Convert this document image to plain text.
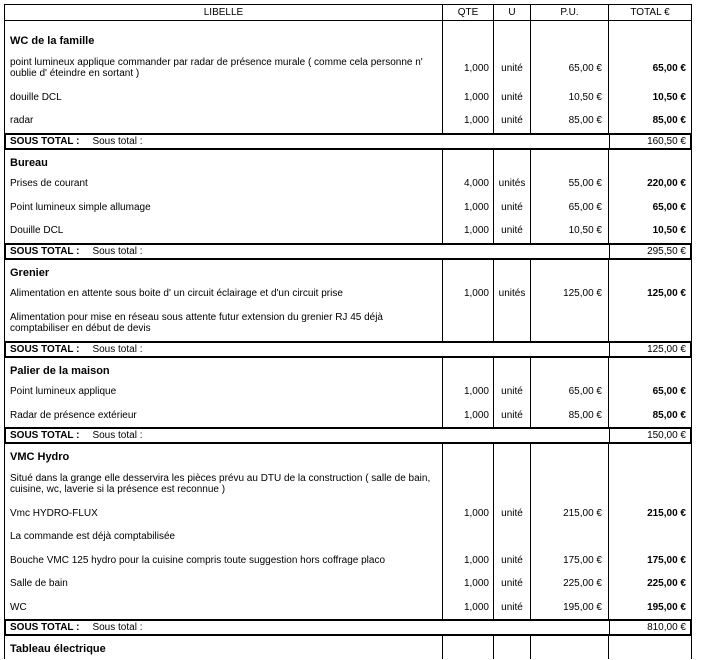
LIBELLE	QTE	U	P.U.	TOTAL €
WC de la famille
point lumineux applique commander par radar de présence murale ( comme cela personne n' oublie d' éteindre en sortant )	1,000	unité	65,00 €	65,00 €
douille DCL	1,000	unité	10,50 €	10,50 €
radar	1,000	unité	85,00 €	85,00 €
SOUS TOTAL : Sous total :	160,50 €
Bureau
Prises de courant	4,000 unités	55,00 €	220,00 €
Point lumineux simple allumage	1,000	unité	65,00 €	65,00 €
Douille DCL	1,000	unité	10,50 €	10,50 €
SOUS TOTAL : Sous total :	295,50 €
Grenier
Alimentation en attente sous boite d' un circuit éclairage et d'un circuit prise	1,000 unités	125,00 €	125,00 €
Alimentation pour mise en réseau sous attente futur extension du grenier RJ 45 déjà comptabiliser en début de devis
SOUS TOTAL : Sous total :	125,00 €
Palier de la maison
Point lumineux applique	1,000	unité	65,00 €	65,00 €
Radar de présence extérieur	1,000	unité	85,00 €	85,00 €
SOUS TOTAL : Sous total :	150,00 €
VMC Hydro
Situé dans la grange elle desservira les pièces prévu au DTU de la construction ( salle de bain, cuisine, wc, laverie si la présence est reconnue )
Vmc HYDRO-FLUX	1,000	unité	215,00 €	215,00 €
La commande est déjà comptabilisée
Bouche VMC 125 hydro pour la cuisine compris toute suggestion hors coffrage placo	1,000	unité	175,00 €	175,00 €
Salle de bain	1,000	unité	225,00 €	225,00 €
WC	1,000	unité	195,00 €	195,00 €
SOUS TOTAL : Sous total :	810,00 €
Tableau électrique
